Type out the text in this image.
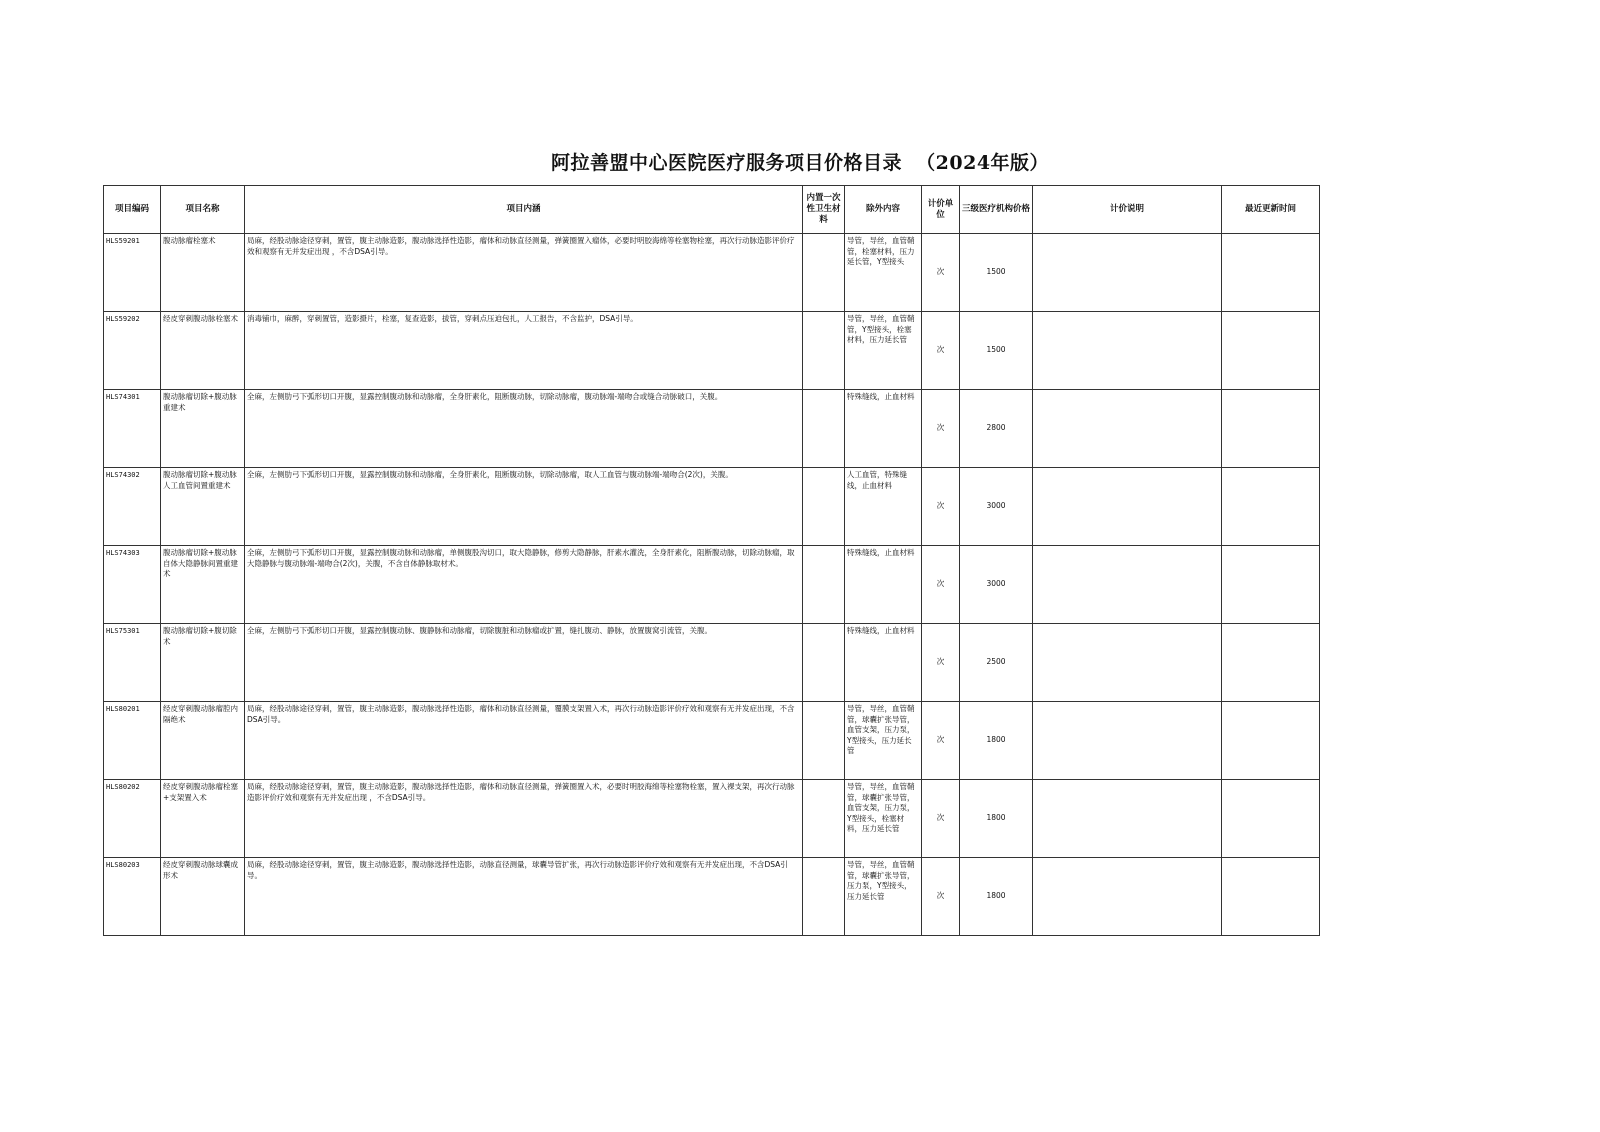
阿拉善盟中心医院医疗服务项目价格目录  （2024年版）
项目编码	项目名称	项目内涵	内置一次性卫生材料	除外内容	计价单位	三级医疗机构价格	计价说明	最近更新时间
HLS59201	腹动脉瘤栓塞术	局麻，经股动脉途径穿刺，置管，腹主动脉造影，腹动脉选择性造影，瘤体和动脉直径测量，弹簧圈置入瘤体，必要时明胶海绵等栓塞物栓塞，再次行动脉造影评价疗效和观察有无并发症出现 ，不含DSA引导。		导管，导丝，血管鞘管，栓塞材料，压力延长管，Y型接头	次	1500		
HLS59202	经皮穿刺腹动脉栓塞术	消毒铺巾，麻醉，穿刺置管，造影摄片，栓塞，复查造影，拔管，穿刺点压迫包扎，人工报告，不含监护，DSA引导。		导管，导丝，血管鞘管，Y型接头，栓塞材料，压力延长管	次	1500		
HLS74301	腹动脉瘤切除+腹动脉重建术	全麻，左侧肋弓下弧形切口开腹，显露控制腹动脉和动脉瘤，全身肝素化，阻断腹动脉，切除动脉瘤，腹动脉端-端吻合或缝合动脉破口，关腹。		特殊缝线，止血材料	次	2800		
HLS74302	腹动脉瘤切除+腹动脉人工血管间置重建术	全麻，左侧肋弓下弧形切口开腹，显露控制腹动脉和动脉瘤，全身肝素化，阻断腹动脉，切除动脉瘤，取人工血管与腹动脉端-端吻合(2次)，关腹。		人工血管，特殊缝线，止血材料	次	3000		
HLS74303	腹动脉瘤切除+腹动脉自体大隐静脉间置重建术	全麻，左侧肋弓下弧形切口开腹，显露控制腹动脉和动脉瘤，单侧腹股沟切口，取大隐静脉，修剪大隐静脉，肝素水灌洗，全身肝素化，阻断腹动脉，切除动脉瘤，取大隐静脉与腹动脉端-端吻合(2次)，关腹，不含自体静脉取材术。		特殊缝线，止血材料	次	3000		
HLS75301	腹动脉瘤切除+腹切除术	全麻，左侧肋弓下弧形切口开腹，显露控制腹动脉、腹静脉和动脉瘤，切除腹脏和动脉瘤或扩置，缝扎腹动、静脉，放置腹窝引流管，关腹。		特殊缝线，止血材料	次	2500		
HLS80201	经皮穿刺腹动脉瘤腔内隔绝术	局麻，经股动脉途径穿刺，置管，腹主动脉造影，腹动脉选择性造影，瘤体和动脉直径测量，覆膜支架置入术，再次行动脉造影评价疗效和观察有无并发症出现，不含DSA引导。		导管，导丝，血管鞘管，球囊扩张导管，血管支架，压力泵，Y型接头，压力延长管	次	1800		
HLS80202	经皮穿刺腹动脉瘤栓塞+支架置入术	局麻，经股动脉途径穿刺，置管，腹主动脉造影，腹动脉选择性造影，瘤体和动脉直径测量，弹簧圈置入术，必要时明胶海绵等栓塞物栓塞，置入裸支架，再次行动脉造影评价疗效和观察有无并发症出现 ，不含DSA引导。		导管，导丝，血管鞘管，球囊扩张导管，血管支架，压力泵，Y型接头，栓塞材料，压力延长管	次	1800		
HLS80203	经皮穿刺腹动脉球囊成形术	局麻，经股动脉途径穿刺，置管，腹主动脉造影，腹动脉选择性造影，动脉直径测量，球囊导管扩张，再次行动脉造影评价疗效和观察有无并发症出现，不含DSA引导。		导管，导丝，血管鞘管，球囊扩张导管，压力泵，Y型接头，压力延长管	次	1800		
